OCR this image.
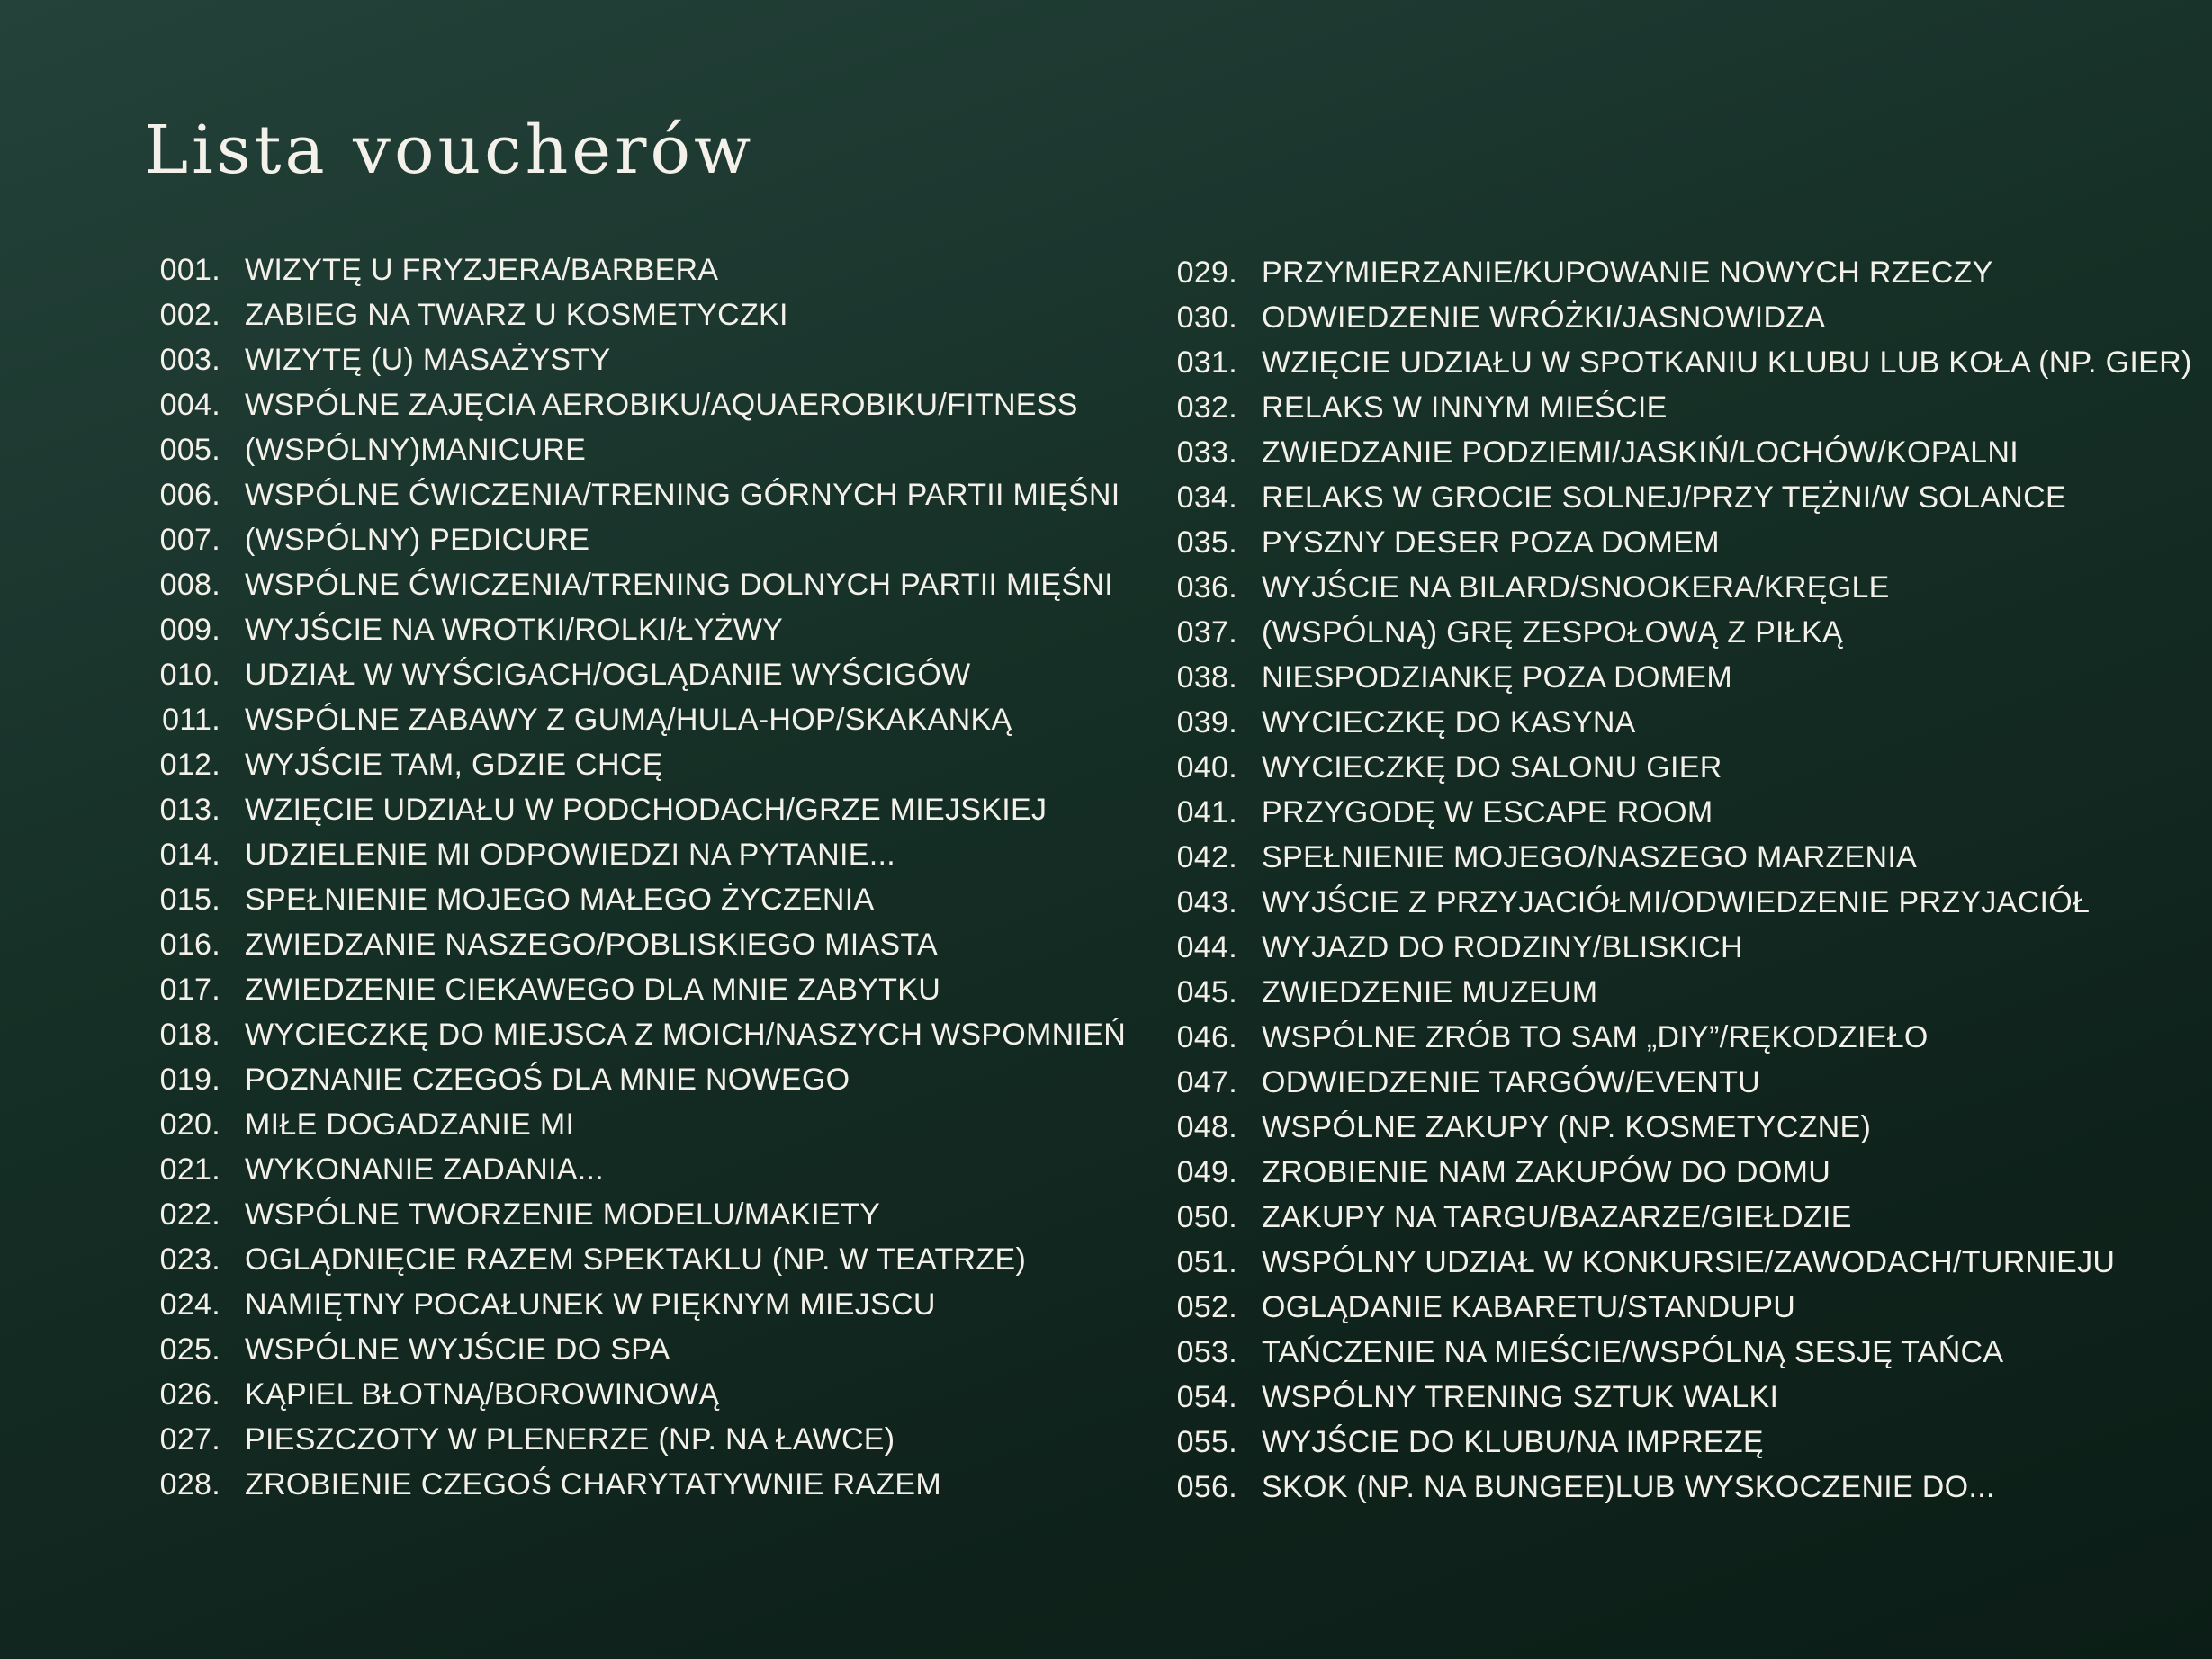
Lista voucherów
001. WIZYTĘ U FRYZJERA/BARBERA
002. ZABIEG NA TWARZ U KOSMETYCZKI
003. WIZYTĘ (U) MASAŻYSTY
004. WSPÓLNE ZAJĘCIA AEROBIKU/AQUAEROBIKU/FITNESS
005. (WSPÓLNY)MANICURE
006. WSPÓLNE ĆWICZENIA/TRENING GÓRNYCH PARTII MIĘŚNI
007. (WSPÓLNY) PEDICURE
008. WSPÓLNE ĆWICZENIA/TRENING DOLNYCH PARTII MIĘŚNI
009. WYJŚCIE NA WROTKI/ROLKI/ŁYŻWY
010. UDZIAŁ W WYŚCIGACH/OGLĄDANIE WYŚCIGÓW
011. WSPÓLNE ZABAWY Z GUMĄ/HULA-HOP/SKAKANKĄ
012. WYJŚCIE TAM, GDZIE CHCĘ
013. WZIĘCIE UDZIAŁU W PODCHODACH/GRZE MIEJSKIEJ
014. UDZIELENIE MI ODPOWIEDZI NA PYTANIE...
015. SPEŁNIENIE MOJEGO MAŁEGO ŻYCZENIA
016. ZWIEDZANIE NASZEGO/POBLISKIEGO MIASTA
017. ZWIEDZENIE CIEKAWEGO DLA MNIE ZABYTKU
018. WYCIECZKĘ DO MIEJSCA Z MOICH/NASZYCH WSPOMNIEŃ
019. POZNANIE CZEGOŚ DLA MNIE NOWEGO
020. MIŁE DOGADZANIE MI
021. WYKONANIE ZADANIA...
022. WSPÓLNE TWORZENIE MODELU/MAKIETY
023. OGLĄDNIĘCIE RAZEM SPEKTAKLU (NP. W TEATRZE)
024. NAMIĘTNY POCAŁUNEK W PIĘKNYM MIEJSCU
025. WSPÓLNE WYJŚCIE DO SPA
026. KĄPIEL BŁOTNĄ/BOROWINOWĄ
027. PIESZCZOTY W PLENERZE (NP. NA ŁAWCE)
028. ZROBIENIE CZEGOŚ CHARYTATYWNIE RAZEM
029. PRZYMIERZANIE/KUPOWANIE NOWYCH RZECZY
030. ODWIEDZENIE WRÓŻKI/JASNOWIDZA
031. WZIĘCIE UDZIAŁU W SPOTKANIU KLUBU LUB KOŁA (NP. GIER)
032. RELAKS W INNYM MIEŚCIE
033. ZWIEDZANIE PODZIEMI/JASKIŃ/LOCHÓW/KOPALNI
034. RELAKS W GROCIE SOLNEJ/PRZY TĘŻNI/W SOLANCE
035. PYSZNY DESER POZA DOMEM
036. WYJŚCIE NA BILARD/SNOOKERA/KRĘGLE
037. (WSPÓLNĄ) GRĘ ZESPOŁOWĄ Z PIŁKĄ
038. NIESPODZIANKĘ POZA DOMEM
039. WYCIECZKĘ DO KASYNA
040. WYCIECZKĘ DO SALONU GIER
041. PRZYGODĘ W ESCAPE ROOM
042. SPEŁNIENIE MOJEGO/NASZEGO MARZENIA
043. WYJŚCIE Z PRZYJACIÓŁMI/ODWIEDZENIE PRZYJACIÓŁ
044. WYJAZD DO RODZINY/BLISKICH
045. ZWIEDZENIE MUZEUM
046. WSPÓLNE ZRÓB TO SAM „DIY”/RĘKODZIEŁO
047. ODWIEDZENIE TARGÓW/EVENTU
048. WSPÓLNE ZAKUPY (NP. KOSMETYCZNE)
049. ZROBIENIE NAM ZAKUPÓW DO DOMU
050. ZAKUPY NA TARGU/BAZARZE/GIEŁDZIE
051. WSPÓLNY UDZIAŁ W KONKURSIE/ZAWODACH/TURNIEJU
052. OGLĄDANIE KABARETU/STANDUPU
053. TAŃCZENIE NA MIEŚCIE/WSPÓLNĄ SESJĘ TAŃCA
054. WSPÓLNY TRENING SZTUK WALKI
055. WYJŚCIE DO KLUBU/NA IMPREZĘ
056. SKOK (NP. NA BUNGEE)LUB WYSKOCZENIE DO...
